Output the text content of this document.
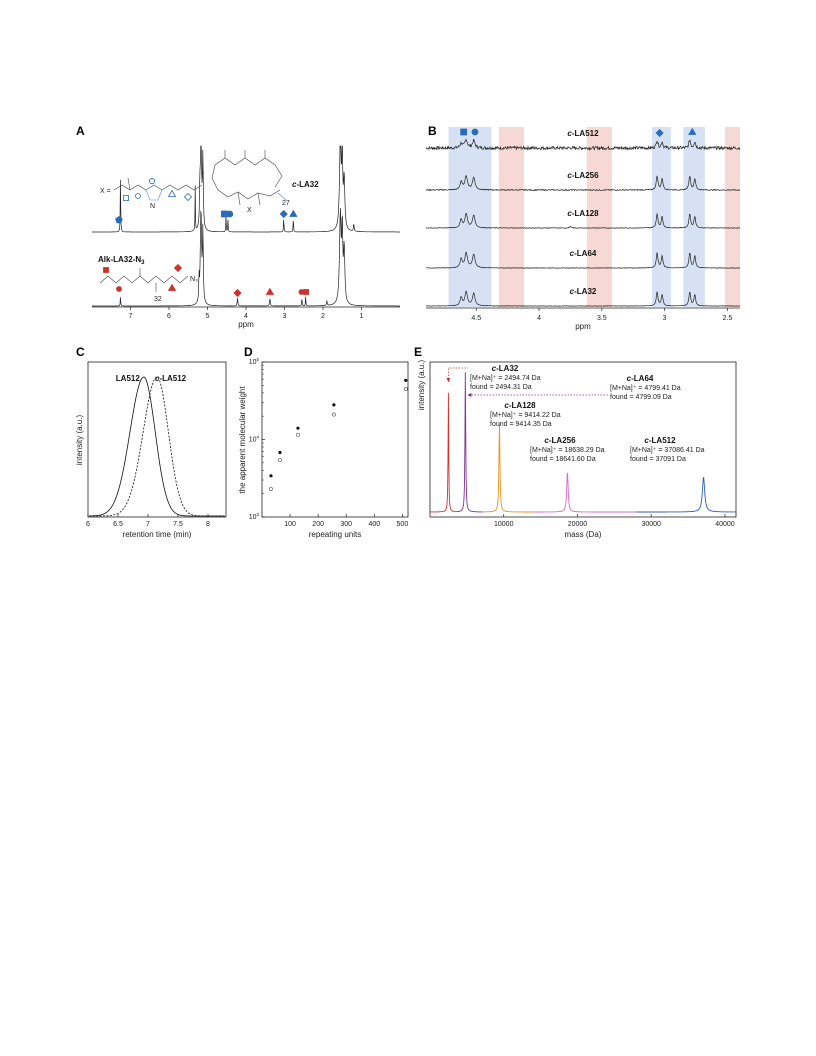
A
7	6	5	4	3	2	1
ppm
c-LA32
Alk-$LA32-N_3$
27
X
X =
N
32
N₃
B	c-LA512
c-LA256
c-LA128
c-LA64
c-LA32
4.5	4	3.5	3	2.5
ppm
C
6	6.5	7	7.5	8
LA512 c-LA512
retention time (min)
intensity (a.u.)
D
100 200 300 400 500
$10^3$
$10^4$
$10^5$
repeating units
the apparent molecular weight
E
c-LA32
[M+Na]⁺ = 2494.74 Da
found = 2494.31 Da
c-LA64
[M+Na]⁺ = 4799.41 Da
found = 4799.09 Da
c-LA128
[M+Na]⁺ = 9414.22 Da
found = 9414.35 Da
c-LA256
[M+Na]⁺ = 18638.29 Da
found = 18641.60 Da
c-LA512
[M+Na]⁺ = 37086.41 Da
found = 37091 Da
10000	20000	30000	40000
mass (Da)
intensity (a.u.)
